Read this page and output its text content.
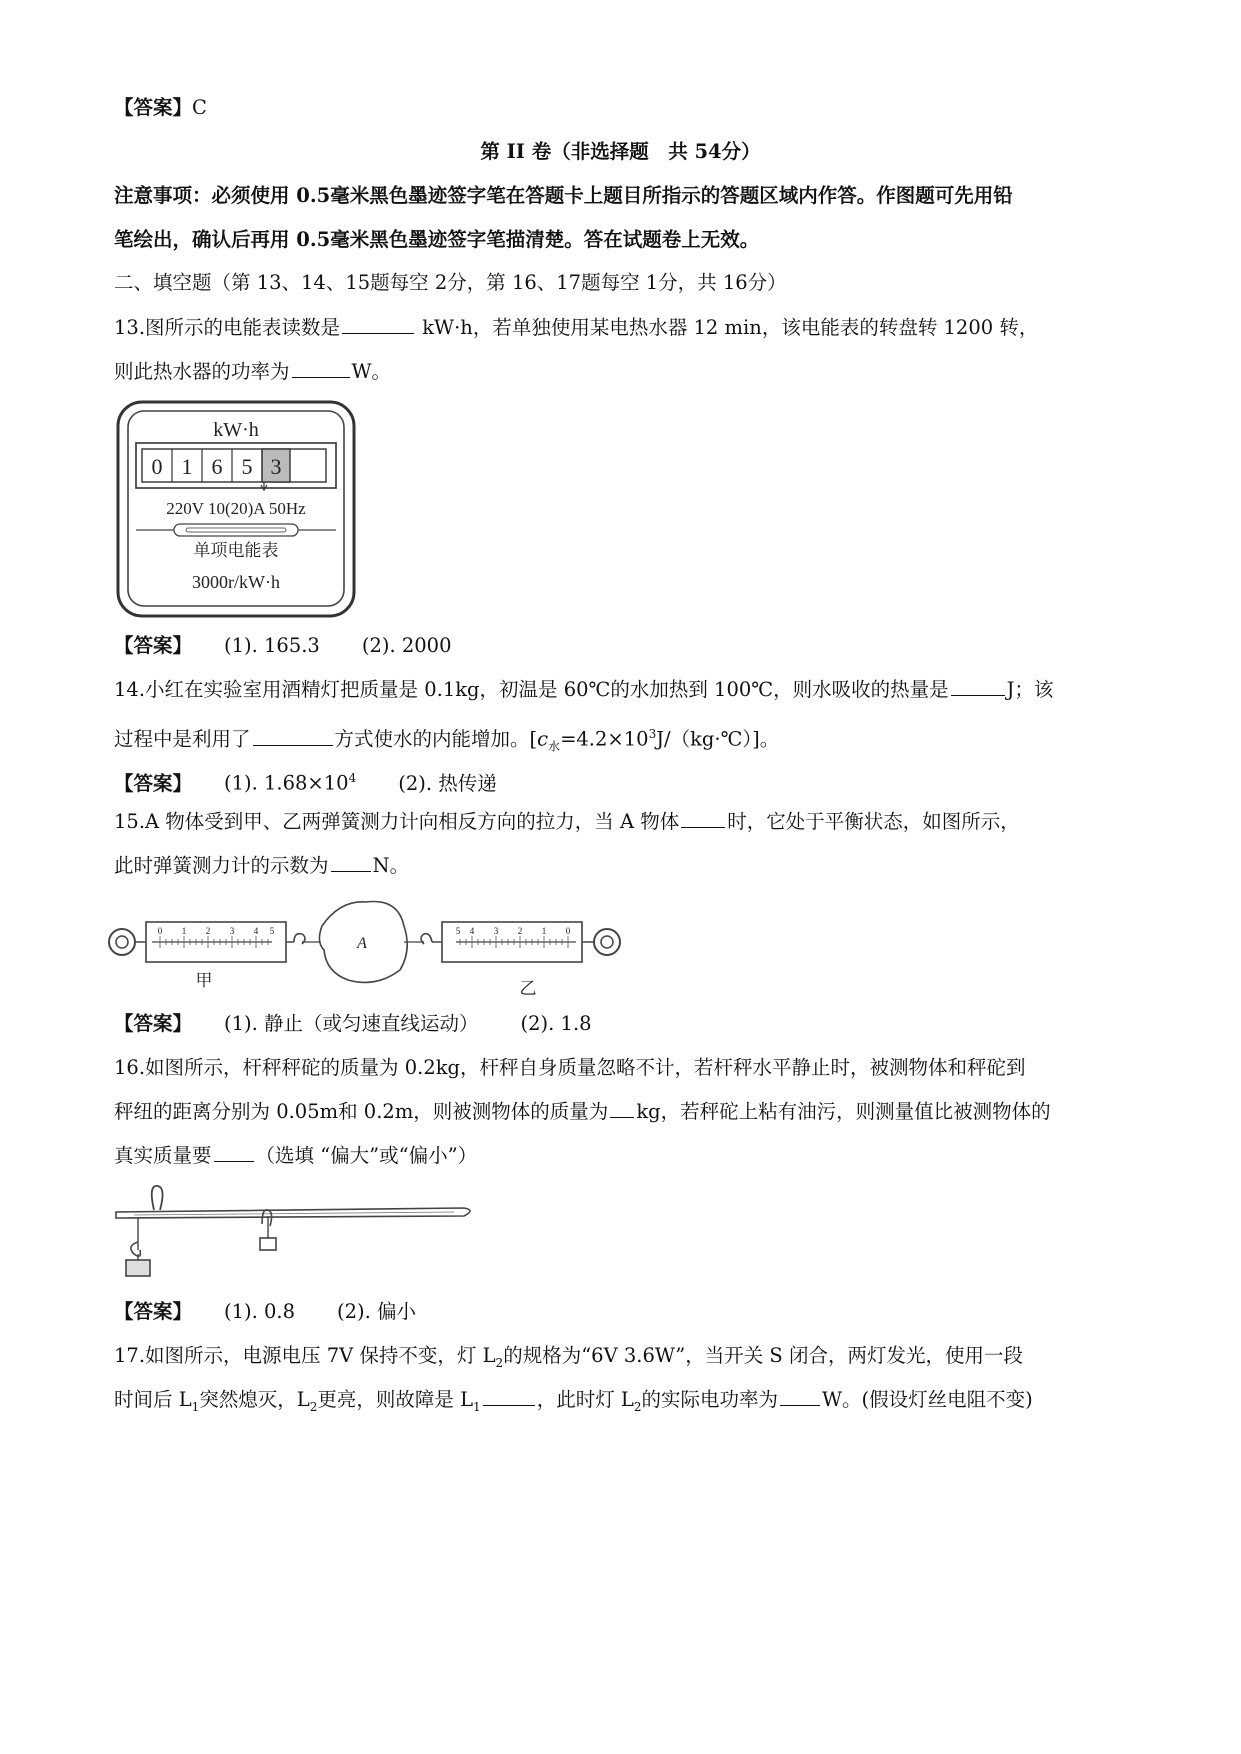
【答案】C
第 II 卷（非选择题　共 54分）
注意事项：必须使用 0.5毫米黑色墨迹签字笔在答题卡上题目所指示的答题区域内作答。作图题可先用铅
笔绘出，确认后再用 0.5毫米黑色墨迹签字笔描清楚。答在试题卷上无效。
二、填空题（第 13、14、15题每空 2分，第 16、17题每空 1分，共 16分）
13.图所示的电能表读数是	kW·h，若单独使用某电热水器 12 min，该电能表的转盘转 1200 转，
则此热水器的功率为	W。
kW·h
0 1 6 5 3
220V 10(20)A 50Hz
单项电能表
3000r/kW·h
【答案】 (1). 165.3 (2). 2000
14.小红在实验室用酒精灯把质量是 0.1kg，初温是 60℃的水加热到 100℃，则水吸收的热量是	J；该
过程中是利用了	方式使水的内能增加。$[c_水=4.2\times 10^3J/(kg\cdot℃)]$。
【答案】 (1). $1.68\times 10^4$ (2). 热传递
15.A 物体受到甲、乙两弹簧测力计向相反方向的拉力，当 A 物体 时，它处于平衡状态，如图所示，
此时弹簧测力计的示数为 N。
0 1 2 3 4 5
A
5 4 3 2 1 0
甲	乙
【答案】 (1). 静止（或匀速直线运动） (2). 1.8
16.如图所示，杆秤秤砣的质量为 0.2kg，杆秤自身质量忽略不计，若杆秤水平静止时，被测物体和秤砣到
秤纽的距离分别为 0.05m和 0.2m，则被测物体的质量为 kg，若秤砣上粘有油污，则测量值比被测物体的
真实质量要 （选填 “偏大”或“偏小”）
【答案】 (1). 0.8 (2). 偏小
17.如图所示，电源电压 7V 保持不变，灯 $L_2$的规格为“6V 3.6W”，当开关 S 闭合，两灯发光，使用一段
时间后 $L_1$突然熄灭，$L_2$更亮，则故障是 $L_1$	，此时灯 $L_2$的实际电功率为 W。(假设灯丝电阻不变)
